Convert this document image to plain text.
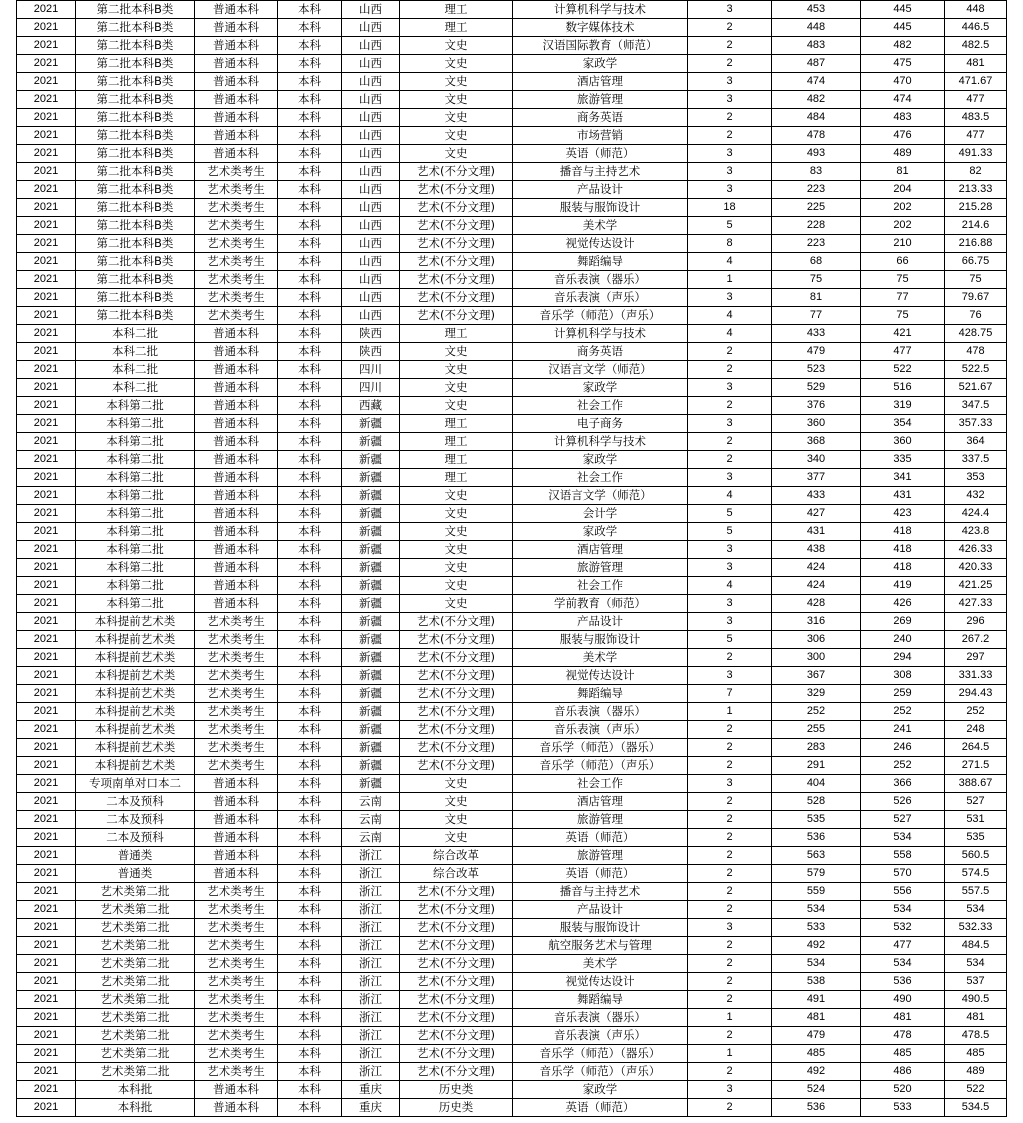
2021	第二批本科B类	普通本科	本科	山西	理工	计算机科学与技术	3	453	445	448
2021	第二批本科B类	普通本科	本科	山西	理工	数字媒体技术	2	448	445	446.5
2021	第二批本科B类	普通本科	本科	山西	文史	汉语国际教育（师范）	2	483	482	482.5
2021	第二批本科B类	普通本科	本科	山西	文史	家政学	2	487	475	481
2021	第二批本科B类	普通本科	本科	山西	文史	酒店管理	3	474	470	471.67
2021	第二批本科B类	普通本科	本科	山西	文史	旅游管理	3	482	474	477
2021	第二批本科B类	普通本科	本科	山西	文史	商务英语	2	484	483	483.5
2021	第二批本科B类	普通本科	本科	山西	文史	市场营销	2	478	476	477
2021	第二批本科B类	普通本科	本科	山西	文史	英语（师范）	3	493	489	491.33
2021	第二批本科B类	艺术类考生	本科	山西	艺术(不分文理)	播音与主持艺术	3	83	81	82
2021	第二批本科B类	艺术类考生	本科	山西	艺术(不分文理)	产品设计	3	223	204	213.33
2021	第二批本科B类	艺术类考生	本科	山西	艺术(不分文理)	服装与服饰设计	18	225	202	215.28
2021	第二批本科B类	艺术类考生	本科	山西	艺术(不分文理)	美术学	5	228	202	214.6
2021	第二批本科B类	艺术类考生	本科	山西	艺术(不分文理)	视觉传达设计	8	223	210	216.88
2021	第二批本科B类	艺术类考生	本科	山西	艺术(不分文理)	舞蹈编导	4	68	66	66.75
2021	第二批本科B类	艺术类考生	本科	山西	艺术(不分文理)	音乐表演（器乐）	1	75	75	75
2021	第二批本科B类	艺术类考生	本科	山西	艺术(不分文理)	音乐表演（声乐）	3	81	77	79.67
2021	第二批本科B类	艺术类考生	本科	山西	艺术(不分文理)	音乐学（师范）（声乐）	4	77	75	76
2021	本科二批	普通本科	本科	陕西	理工	计算机科学与技术	4	433	421	428.75
2021	本科二批	普通本科	本科	陕西	文史	商务英语	2	479	477	478
2021	本科二批	普通本科	本科	四川	文史	汉语言文学（师范）	2	523	522	522.5
2021	本科二批	普通本科	本科	四川	文史	家政学	3	529	516	521.67
2021	本科第二批	普通本科	本科	西藏	文史	社会工作	2	376	319	347.5
2021	本科第二批	普通本科	本科	新疆	理工	电子商务	3	360	354	357.33
2021	本科第二批	普通本科	本科	新疆	理工	计算机科学与技术	2	368	360	364
2021	本科第二批	普通本科	本科	新疆	理工	家政学	2	340	335	337.5
2021	本科第二批	普通本科	本科	新疆	理工	社会工作	3	377	341	353
2021	本科第二批	普通本科	本科	新疆	文史	汉语言文学（师范）	4	433	431	432
2021	本科第二批	普通本科	本科	新疆	文史	会计学	5	427	423	424.4
2021	本科第二批	普通本科	本科	新疆	文史	家政学	5	431	418	423.8
2021	本科第二批	普通本科	本科	新疆	文史	酒店管理	3	438	418	426.33
2021	本科第二批	普通本科	本科	新疆	文史	旅游管理	3	424	418	420.33
2021	本科第二批	普通本科	本科	新疆	文史	社会工作	4	424	419	421.25
2021	本科第二批	普通本科	本科	新疆	文史	学前教育（师范）	3	428	426	427.33
2021	本科提前艺术类	艺术类考生	本科	新疆	艺术(不分文理)	产品设计	3	316	269	296
2021	本科提前艺术类	艺术类考生	本科	新疆	艺术(不分文理)	服装与服饰设计	5	306	240	267.2
2021	本科提前艺术类	艺术类考生	本科	新疆	艺术(不分文理)	美术学	2	300	294	297
2021	本科提前艺术类	艺术类考生	本科	新疆	艺术(不分文理)	视觉传达设计	3	367	308	331.33
2021	本科提前艺术类	艺术类考生	本科	新疆	艺术(不分文理)	舞蹈编导	7	329	259	294.43
2021	本科提前艺术类	艺术类考生	本科	新疆	艺术(不分文理)	音乐表演（器乐）	1	252	252	252
2021	本科提前艺术类	艺术类考生	本科	新疆	艺术(不分文理)	音乐表演（声乐）	2	255	241	248
2021	本科提前艺术类	艺术类考生	本科	新疆	艺术(不分文理)	音乐学（师范）（器乐）	2	283	246	264.5
2021	本科提前艺术类	艺术类考生	本科	新疆	艺术(不分文理)	音乐学（师范）（声乐）	2	291	252	271.5
2021	专项南单对口本二	普通本科	本科	新疆	文史	社会工作	3	404	366	388.67
2021	二本及预科	普通本科	本科	云南	文史	酒店管理	2	528	526	527
2021	二本及预科	普通本科	本科	云南	文史	旅游管理	2	535	527	531
2021	二本及预科	普通本科	本科	云南	文史	英语（师范）	2	536	534	535
2021	普通类	普通本科	本科	浙江	综合改革	旅游管理	2	563	558	560.5
2021	普通类	普通本科	本科	浙江	综合改革	英语（师范）	2	579	570	574.5
2021	艺术类第二批	艺术类考生	本科	浙江	艺术(不分文理)	播音与主持艺术	2	559	556	557.5
2021	艺术类第二批	艺术类考生	本科	浙江	艺术(不分文理)	产品设计	2	534	534	534
2021	艺术类第二批	艺术类考生	本科	浙江	艺术(不分文理)	服装与服饰设计	3	533	532	532.33
2021	艺术类第二批	艺术类考生	本科	浙江	艺术(不分文理)	航空服务艺术与管理	2	492	477	484.5
2021	艺术类第二批	艺术类考生	本科	浙江	艺术(不分文理)	美术学	2	534	534	534
2021	艺术类第二批	艺术类考生	本科	浙江	艺术(不分文理)	视觉传达设计	2	538	536	537
2021	艺术类第二批	艺术类考生	本科	浙江	艺术(不分文理)	舞蹈编导	2	491	490	490.5
2021	艺术类第二批	艺术类考生	本科	浙江	艺术(不分文理)	音乐表演（器乐）	1	481	481	481
2021	艺术类第二批	艺术类考生	本科	浙江	艺术(不分文理)	音乐表演（声乐）	2	479	478	478.5
2021	艺术类第二批	艺术类考生	本科	浙江	艺术(不分文理)	音乐学（师范）（器乐）	1	485	485	485
2021	艺术类第二批	艺术类考生	本科	浙江	艺术(不分文理)	音乐学（师范）（声乐）	2	492	486	489
2021	本科批	普通本科	本科	重庆	历史类	家政学	3	524	520	522
2021	本科批	普通本科	本科	重庆	历史类	英语（师范）	2	536	533	534.5
